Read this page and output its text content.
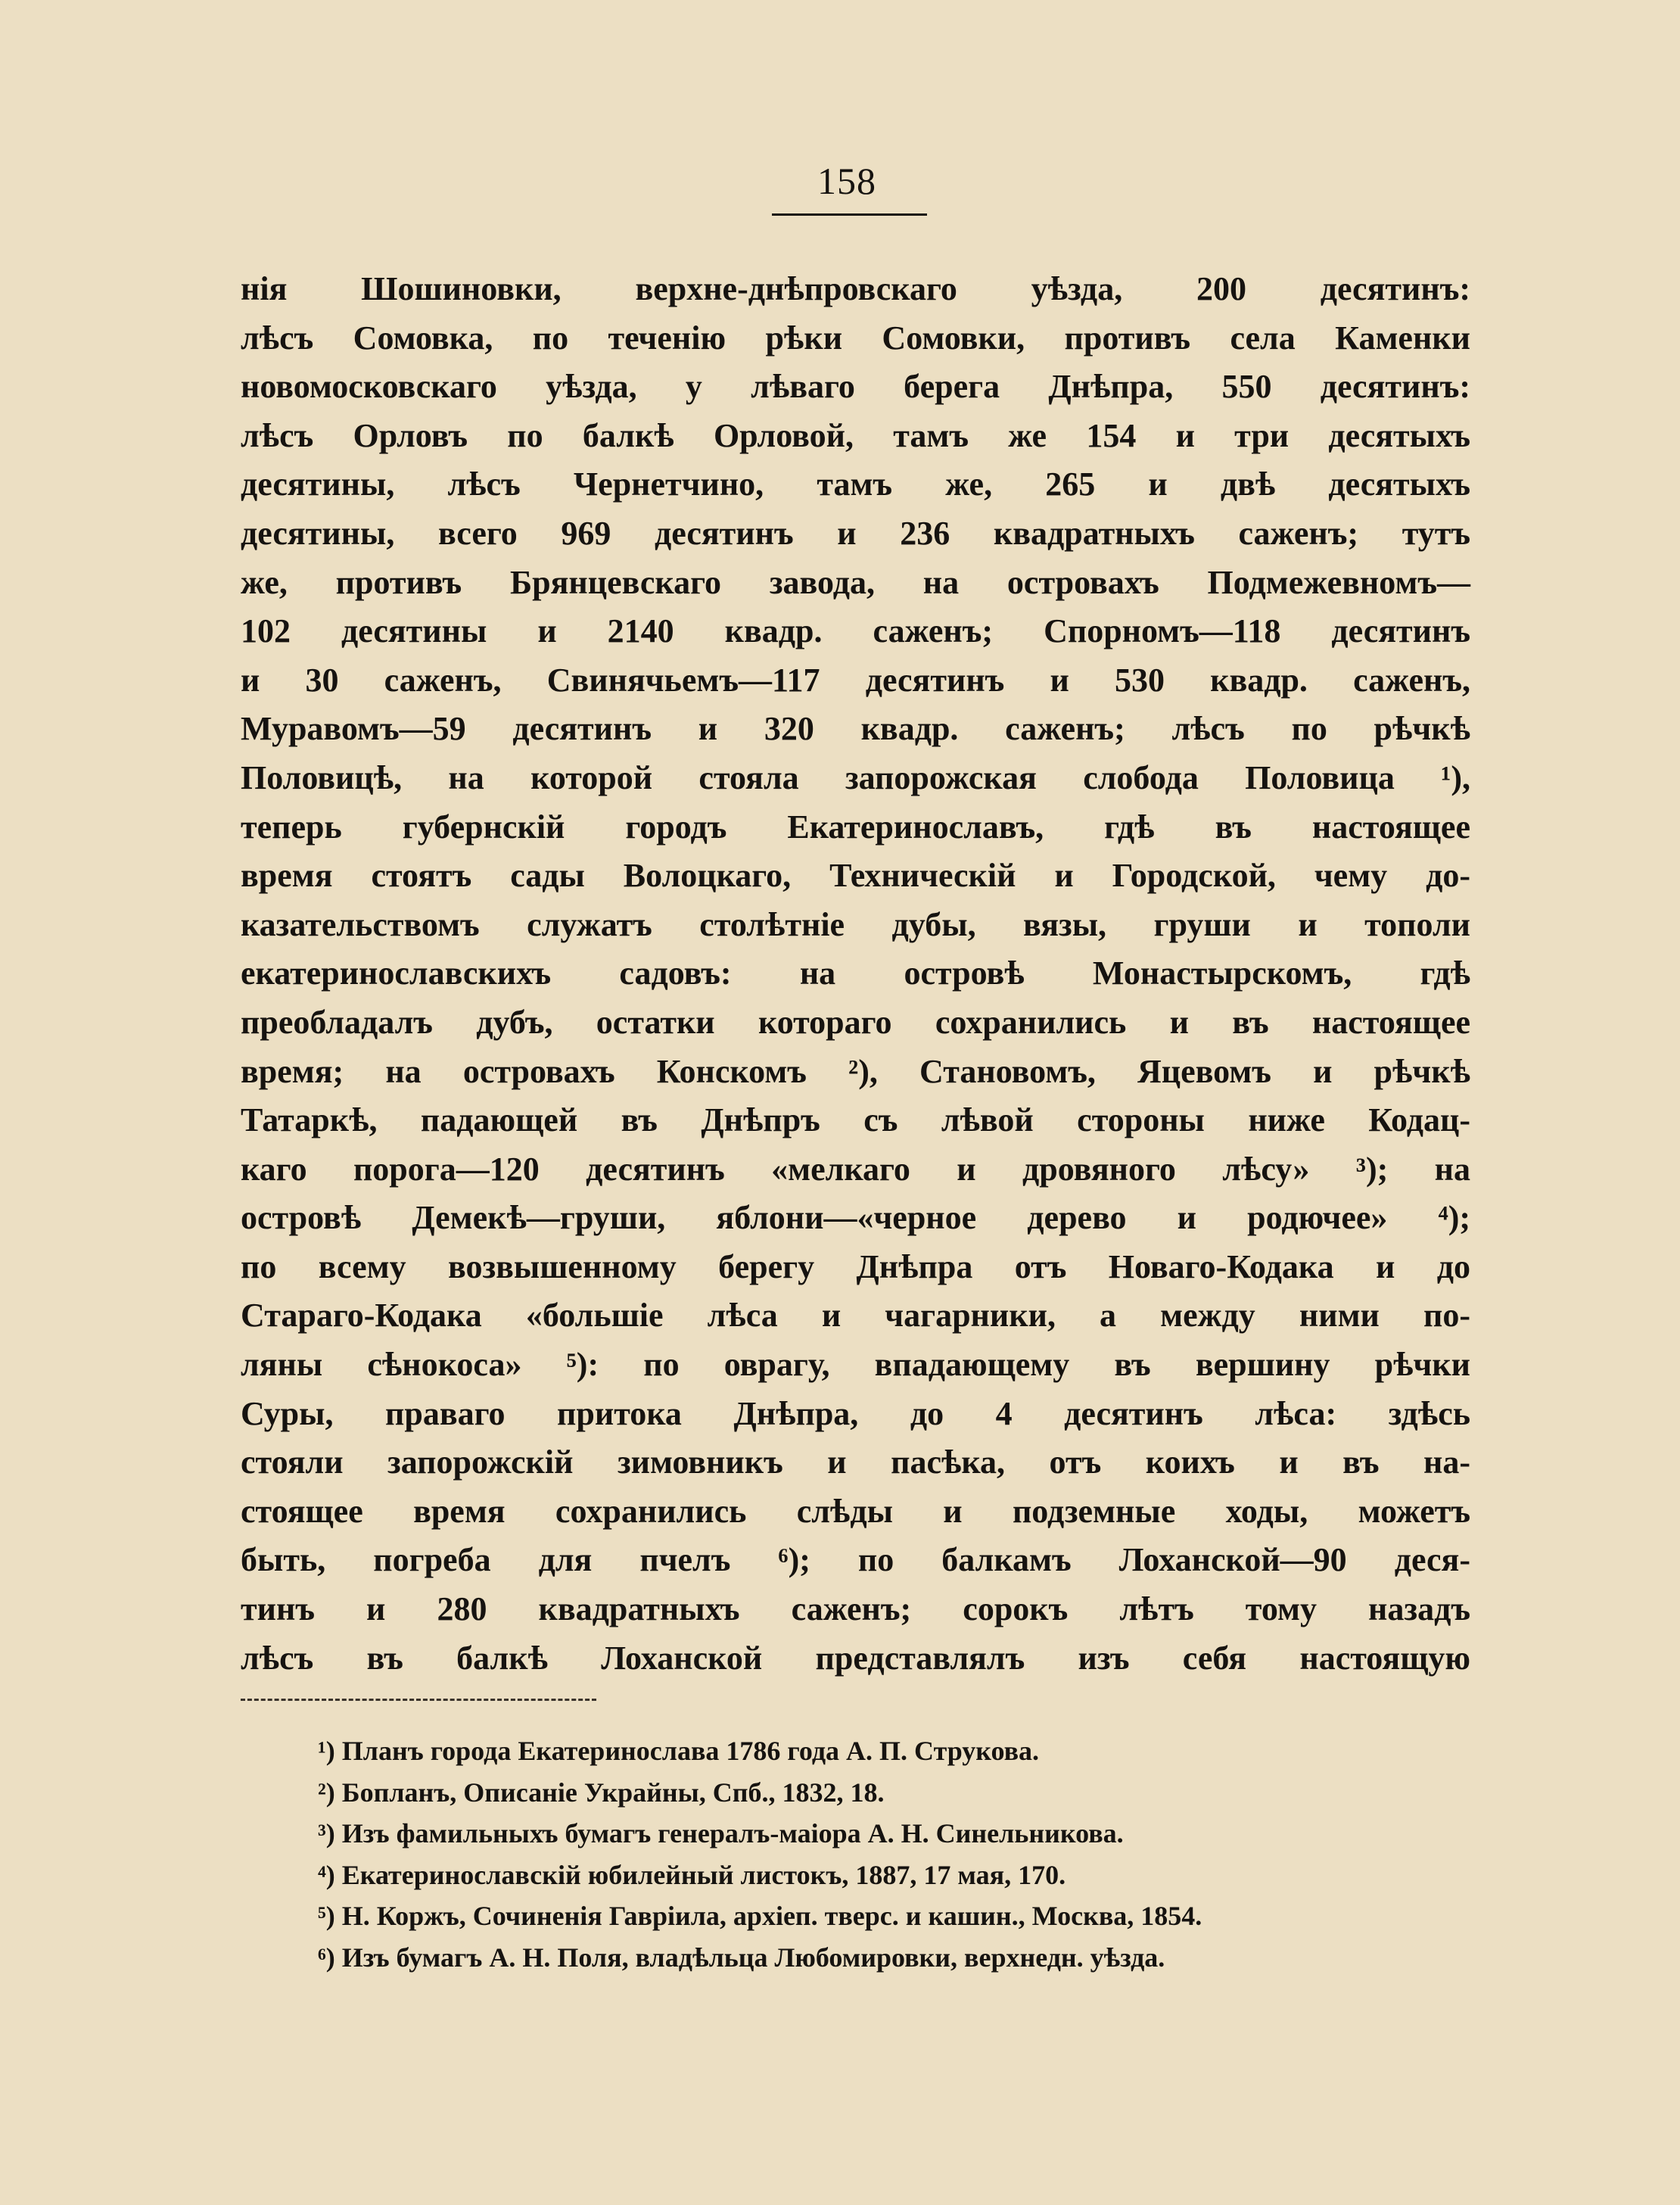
158
нія Шошиновки, верхне-днѣпровскаго уѣзда, 200 десятинъ:
лѣсъ Сомовка, по теченію рѣки Сомовки, противъ села Каменки
новомосковскаго уѣзда, у лѣваго берега Днѣпра, 550 десятинъ:
лѣсъ Орловъ по балкѣ Орловой, тамъ же 154 и три десятыхъ
десятины, лѣсъ Чернетчино, тамъ же, 265 и двѣ десятыхъ
десятины, всего 969 десятинъ и 236 квадратныхъ саженъ; тутъ
же, противъ Брянцевскаго завода, на островахъ Подмежевномъ—
102 десятины и 2140 квадр. саженъ; Спорномъ—118 десятинъ
и 30 саженъ, Свинячьемъ—117 десятинъ и 530 квадр. саженъ,
Муравомъ—59 десятинъ и 320 квадр. саженъ; лѣсъ по рѣчкѣ
Половицѣ, на которой стояла запорожская слобода Половица ¹),
теперь губернскій городъ Екатеринославъ, гдѣ въ настоящее
время стоятъ сады Волоцкаго, Техническій и Городской, чему до-
казательствомъ служатъ столѣтніе дубы, вязы, груши и тополи
екатеринославскихъ садовъ: на островѣ Монастырскомъ, гдѣ
преобладалъ дубъ, остатки котораго сохранились и въ настоящее
время; на островахъ Конскомъ ²), Становомъ, Яцевомъ и рѣчкѣ
Татаркѣ, падающей въ Днѣпръ съ лѣвой стороны ниже Кодац-
каго порога—120 десятинъ «мелкаго и дровяного лѣсу» ³); на
островѣ Демекѣ—груши, яблони—«черное дерево и родючее» ⁴);
по всему возвышенному берегу Днѣпра отъ Новаго-Кодака и до
Стараго-Кодака «большіе лѣса и чагарники, а между ними по-
ляны сѣнокоса» ⁵): по оврагу, впадающему въ вершину рѣчки
Суры, праваго притока Днѣпра, до 4 десятинъ лѣса: здѣсь
стояли запорожскій зимовникъ и пасѣка, отъ коихъ и въ на-
стоящее время сохранились слѣды и подземные ходы, можетъ
быть, погреба для пчелъ ⁶); по балкамъ Лоханской—90 деся-
тинъ и 280 квадратныхъ саженъ; сорокъ лѣтъ тому назадъ
лѣсъ въ балкѣ Лоханской представлялъ изъ себя настоящую
¹) Планъ города Екатеринослава 1786 года А. П. Струкова.
²) Бопланъ, Описаніе Украйны, Спб., 1832, 18.
³) Изъ фамильныхъ бумагъ генералъ-маіора А. Н. Синельникова.
⁴) Екатеринославскій юбилейный листокъ, 1887, 17 мая, 170.
⁵) Н. Коржъ, Сочиненія Гавріила, архіеп. тверс. и кашин., Москва, 1854.
⁶) Изъ бумагъ А. Н. Поля, владѣльца Любомировки, верхнедн. уѣзда.
